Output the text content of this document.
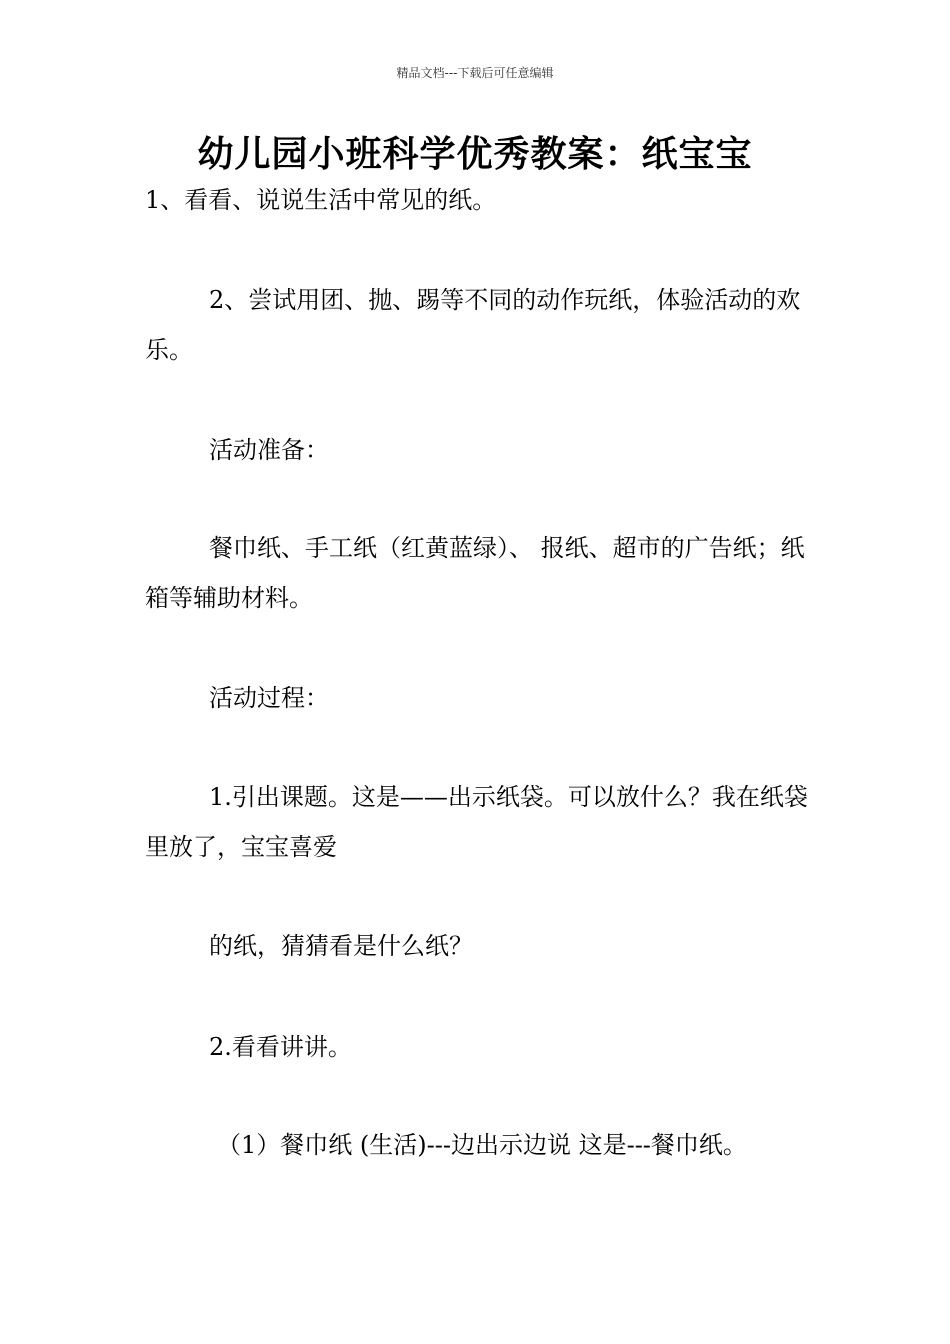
精品文档---下载后可任意编辑
幼儿园小班科学优秀教案：纸宝宝
1、看看、说说生活中常见的纸。
2、尝试用团、抛、踢等不同的动作玩纸，体验活动的欢乐。
活动准备：
餐巾纸、手工纸（红黄蓝绿）、 报纸、超市的广告纸；纸箱等辅助材料。
活动过程：
1.引出课题。这是——出示纸袋。可以放什么？我在纸袋里放了，宝宝喜爱
的纸，猜猜看是什么纸？
2.看看讲讲。
（1）餐巾纸 (生活)---边出示边说 这是---餐巾纸。
